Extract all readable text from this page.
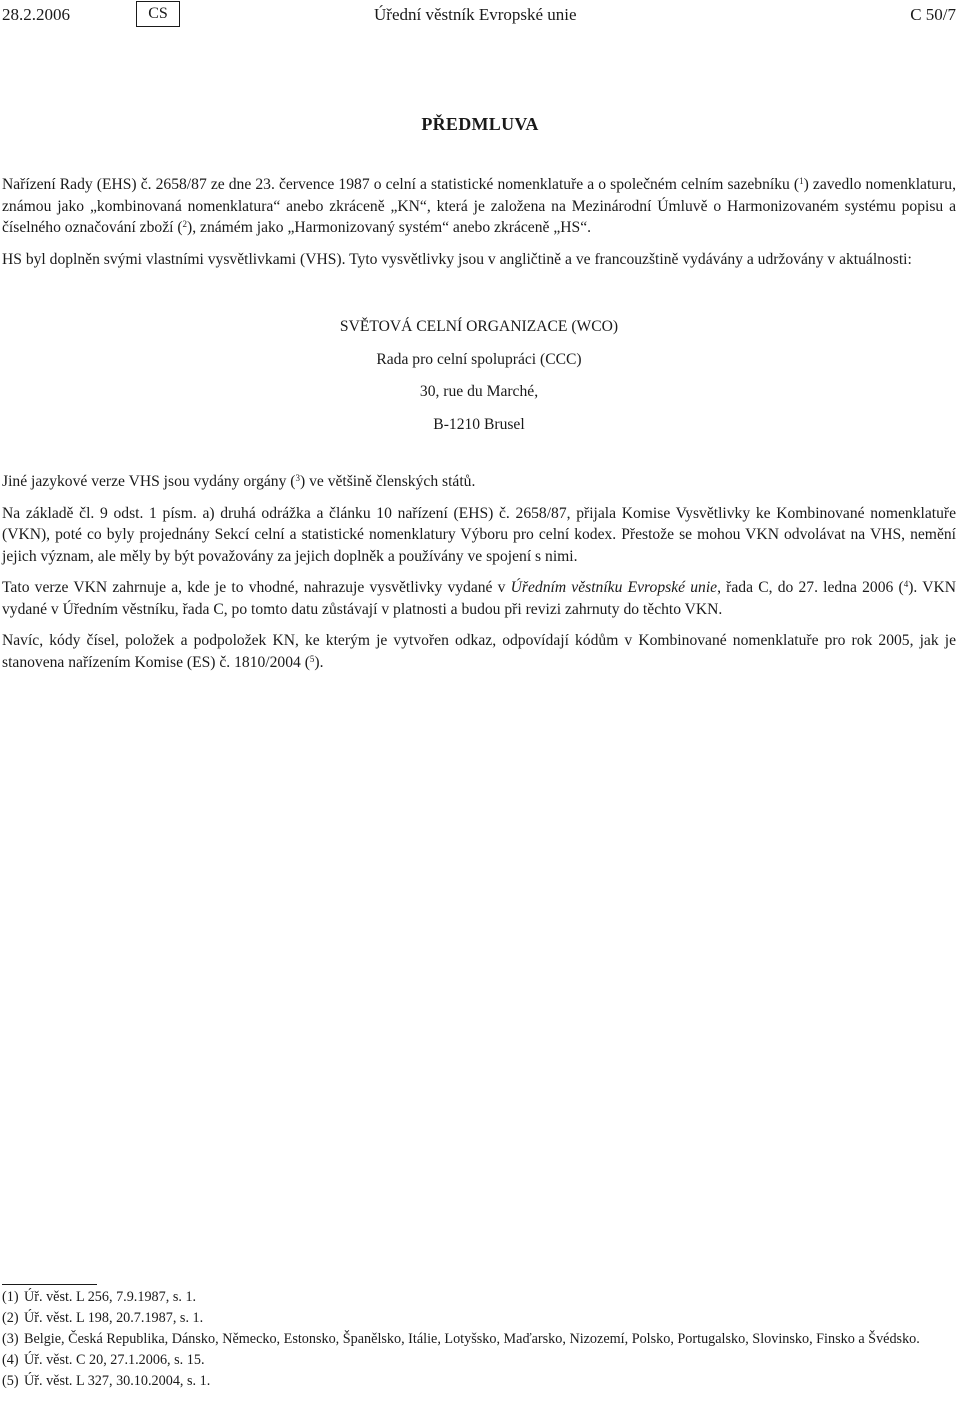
28.2.2006	CS	Úřední věstník Evropské unie	C 50/7
PŘEDMLUVA

Nařízení Rady (EHS) č. 2658/87 ze dne 23. července 1987 o celní a statistické nomenklatuře a o společném celním sazebníku ($^1$) zavedlo nomenklaturu, známou jako „kombinovaná nomenklatura“ anebo zkráceně „KN“, která je založena na Mezinárodní Úmluvě o Harmonizovaném systému popisu a číselného označování zboží ($^2$), známém jako „Harmonizovaný systém“ anebo zkráceně „HS“.

HS byl doplněn svými vlastními vysvětlivkami (VHS). Tyto vysvětlivky jsou v angličtině a ve francouzštině vydávány a udržovány v aktuálnosti:

SVĚTOVÁ CELNÍ ORGANIZACE (WCO)
Rada pro celní spolupráci (CCC)
30, rue du Marché,
B-1210 Brusel

Jiné jazykové verze VHS jsou vydány orgány ($^3$) ve většině členských států.

Na základě čl. 9 odst. 1 písm. a) druhá odrážka a článku 10 nařízení (EHS) č. 2658/87, přijala Komise Vysvětlivky ke Kombinované nomenklatuře (VKN), poté co byly projednány Sekcí celní a statistické nomenklatury Výboru pro celní kodex. Přestože se mohou VKN odvolávat na VHS, nemění jejich význam, ale měly by být považovány za jejich doplněk a používány ve spojení s nimi.

Tato verze VKN zahrnuje a, kde je to vhodné, nahrazuje vysvětlivky vydané v Úředním věstníku Evropské unie, řada C, do 27. ledna 2006 ($^4$). VKN vydané v Úředním věstníku, řada C, po tomto datu zůstávají v platnosti a budou při revizi zahrnuty do těchto VKN.

Navíc, kódy čísel, položek a podpoložek KN, ke kterým je vytvořen odkaz, odpovídají kódům v Kombinované nomenklatuře pro rok 2005, jak je stanovena nařízením Komise (ES) č. 1810/2004 ($^5$).

(1) Úř. věst. L 256, 7.9.1987, s. 1.
(2) Úř. věst. L 198, 20.7.1987, s. 1.
(3) Belgie, Česká Republika, Dánsko, Německo, Estonsko, Španělsko, Itálie, Lotyšsko, Maďarsko, Nizozemí, Polsko, Portugalsko, Slovinsko, Finsko a Švédsko.
(4) Úř. věst. C 20, 27.1.2006, s. 15.
(5) Úř. věst. L 327, 30.10.2004, s. 1.
